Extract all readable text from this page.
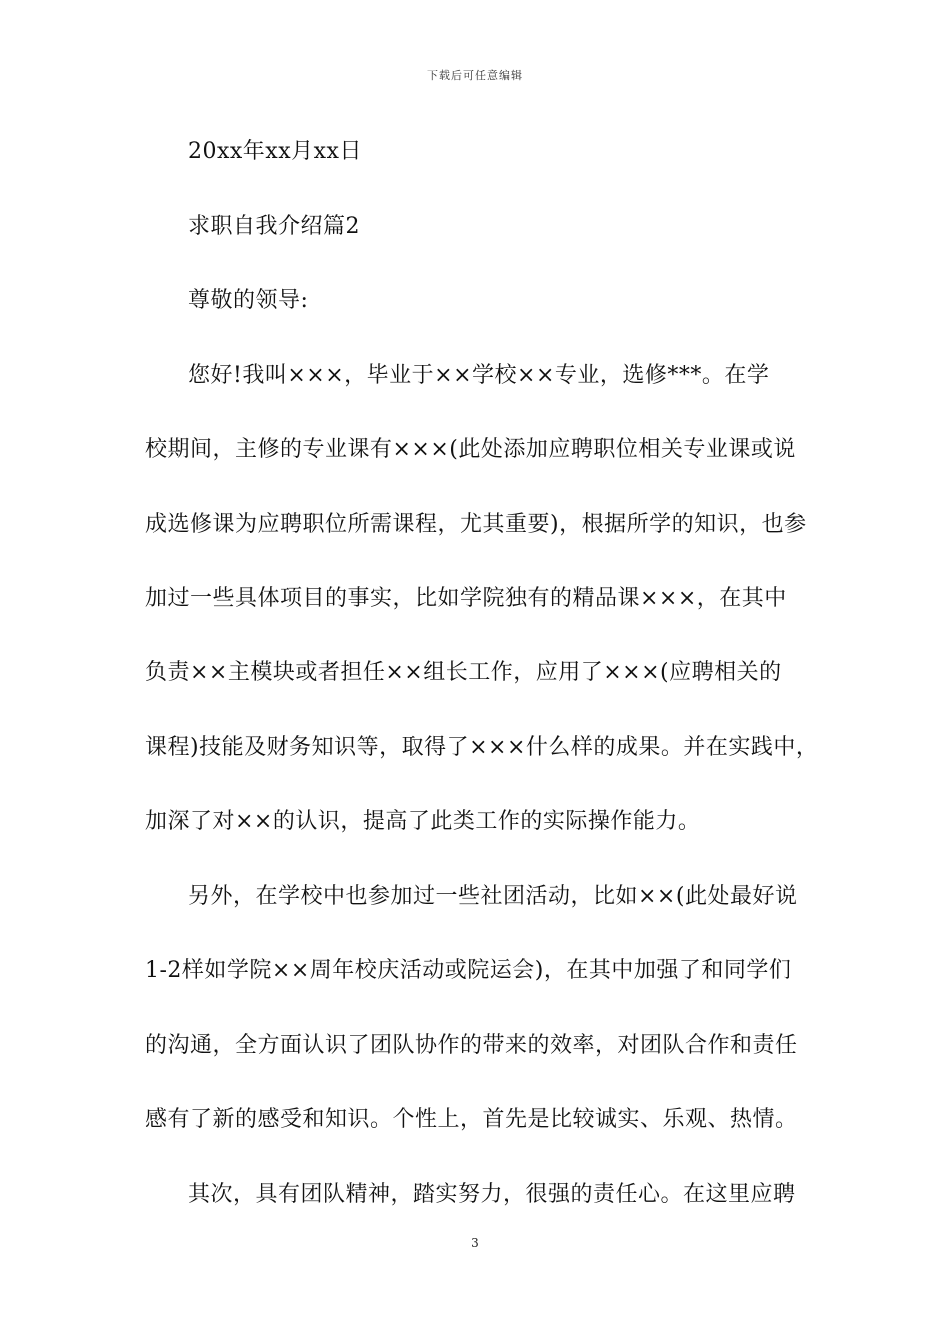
下载后可任意编辑
20xx年xx月xx日
求职自我介绍篇2
尊敬的领导:
您好!我叫×××，毕业于××学校××专业，选修***。在学
校期间，主修的专业课有×××(此处添加应聘职位相关专业课或说
成选修课为应聘职位所需课程，尤其重要)，根据所学的知识，也参
加过一些具体项目的事实，比如学院独有的精品课×××，在其中
负责××主模块或者担任××组长工作，应用了×××(应聘相关的
课程)技能及财务知识等，取得了×××什么样的成果。并在实践中，
加深了对××的认识，提高了此类工作的实际操作能力。
另外，在学校中也参加过一些社团活动，比如××(此处最好说
1-2样如学院××周年校庆活动或院运会)，在其中加强了和同学们
的沟通，全方面认识了团队协作的带来的效率，对团队合作和责任
感有了新的感受和知识。个性上，首先是比较诚实、乐观、热情。
其次，具有团队精神，踏实努力，很强的责任心。在这里应聘
3
